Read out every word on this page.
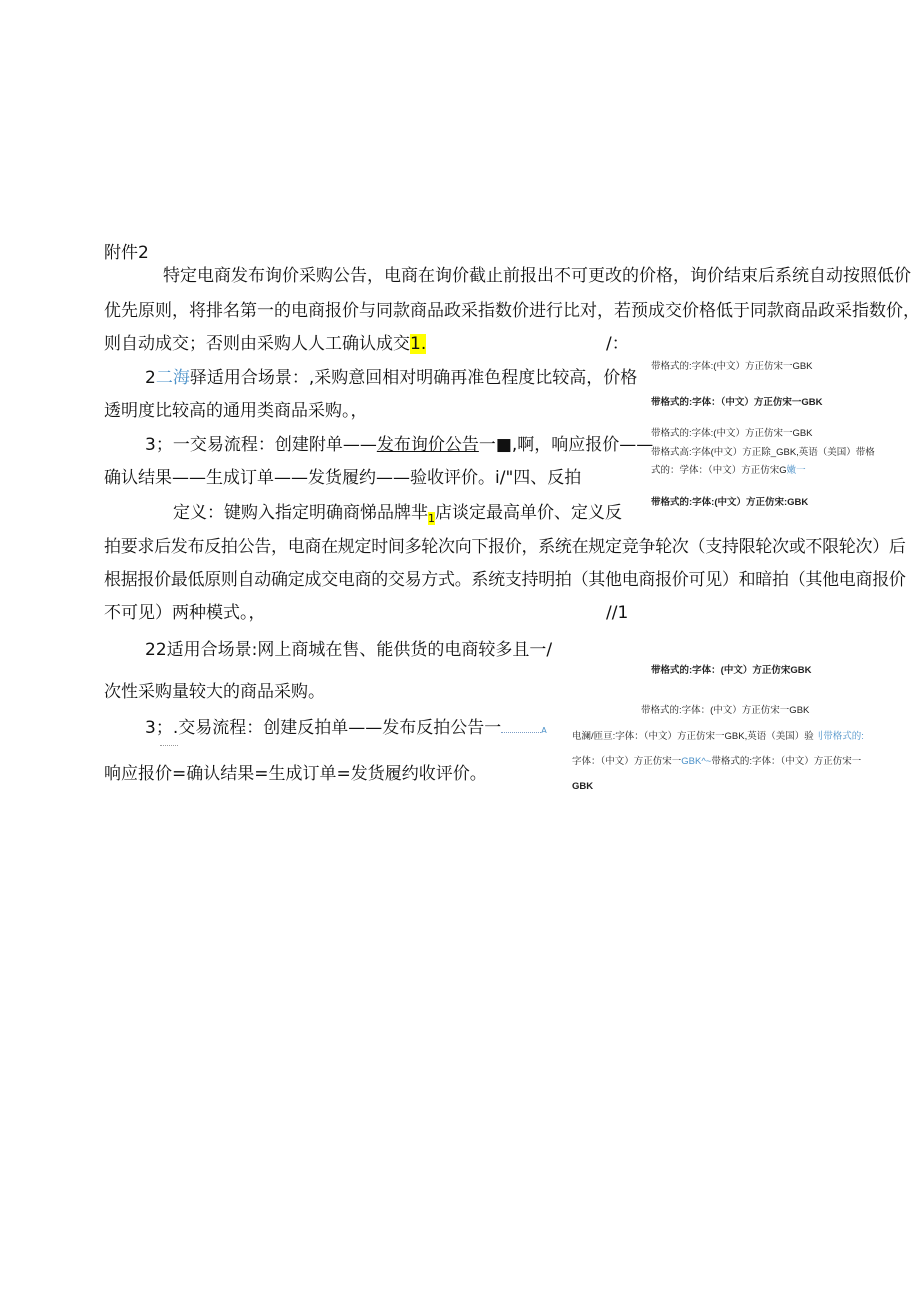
附件2
特定电商发布询价采购公告，电商在询价截止前报出不可更改的价格，询价结束后系统自动按照低价
优先原则，将排名第一的电商报价与同款商品政采指数价进行比对，若预成交价格低于同款商品政采指数价，
则自动成交；否则由采购人人工确认成交1.	/：
2二海驿适用合场景：,采购意回相对明确再准色程度比较高，价格
透明度比较高的通用类商品采购。，
3；一交易流程：创建附单——发布询价公告一■,啊，响应报价——
确认结果——生成订单——发货履约——验收评价。i/"四、反拍
定义：键购入指定明确商悌品牌芈$_1$店谈定最高单价、定义反
拍要求后发布反拍公告，电商在规定时间多轮次向下报价，系统在规定竞争轮次（支持限轮次或不限轮次）后
根据报价最低原则自动确定成交电商的交易方式。系统支持明拍（其他电商报价可见）和暗拍（其他电商报价
不可见）两种模式。，	//1
22适用合场景:网上商城在售、能供货的电商较多且一/
次性采购量较大的商品采购。
3；.交易流程：创建反拍单——发布反拍公告一	A
响应报价=确认结果=生成订单=发货履约收评价。
带格式的:字体:(中文）方正仿宋一GBK
带格式的:字体：（中文）方正仿宋一GBK
带格式的:字体:(中文）方正仿宋一GBK
带格式高:字体(中文）方正除_GBK,英语（美国）带格
式的：学体：（中文）方正仿宋G嫩一
带格式的:字体:(中文）方正仿宋:GBK
带格式的:字体：(中文）方正仿宋GBK
带格式的:字体：(中文）方正仿宋一GBK
电澜/匝亘:字体：（中文）方正仿宋一GBK,英语（美国）验刂带格式的:
字体：（中文）方正仿宋一GBK^~带格式的:字体：（中文）方正仿宋一
GBK
